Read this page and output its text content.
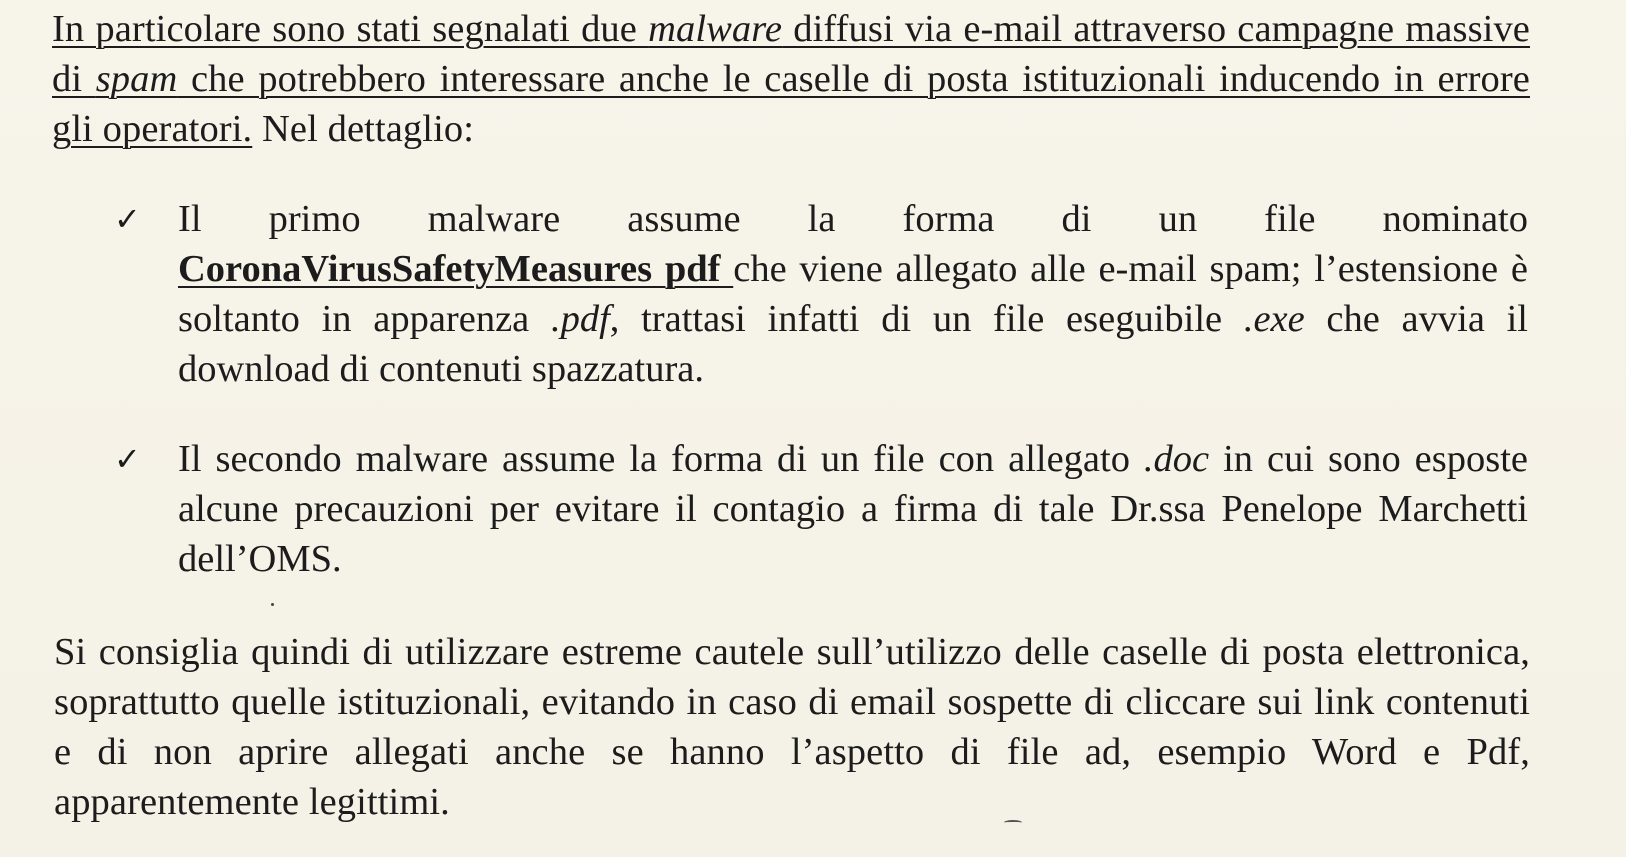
In particolare sono stati segnalati due malware diffusi via e-mail attraverso campagne massive di spam che potrebbero interessare anche le caselle di posta istituzionali inducendo in errore gli operatori. Nel dettaglio:

✓ Il primo malware assume la forma di un file nominato
CoronaVirusSafetyMeasures pdf che viene allegato alle e-mail spam; l’estensione è soltanto in apparenza .pdf, trattasi infatti di un file eseguibile .exe che avvia il download di contenuti spazzatura.

✓ Il secondo malware assume la forma di un file con allegato .doc in cui sono esposte alcune precauzioni per evitare il contagio a firma di tale Dr.ssa Penelope Marchetti dell’OMS.

Si consiglia quindi di utilizzare estreme cautele sull’utilizzo delle caselle di posta elettronica, soprattutto quelle istituzionali, evitando in caso di email sospette di cliccare sui link contenuti e di non aprire allegati anche se hanno l’aspetto di file ad, esempio Word e Pdf, apparentemente legittimi.
